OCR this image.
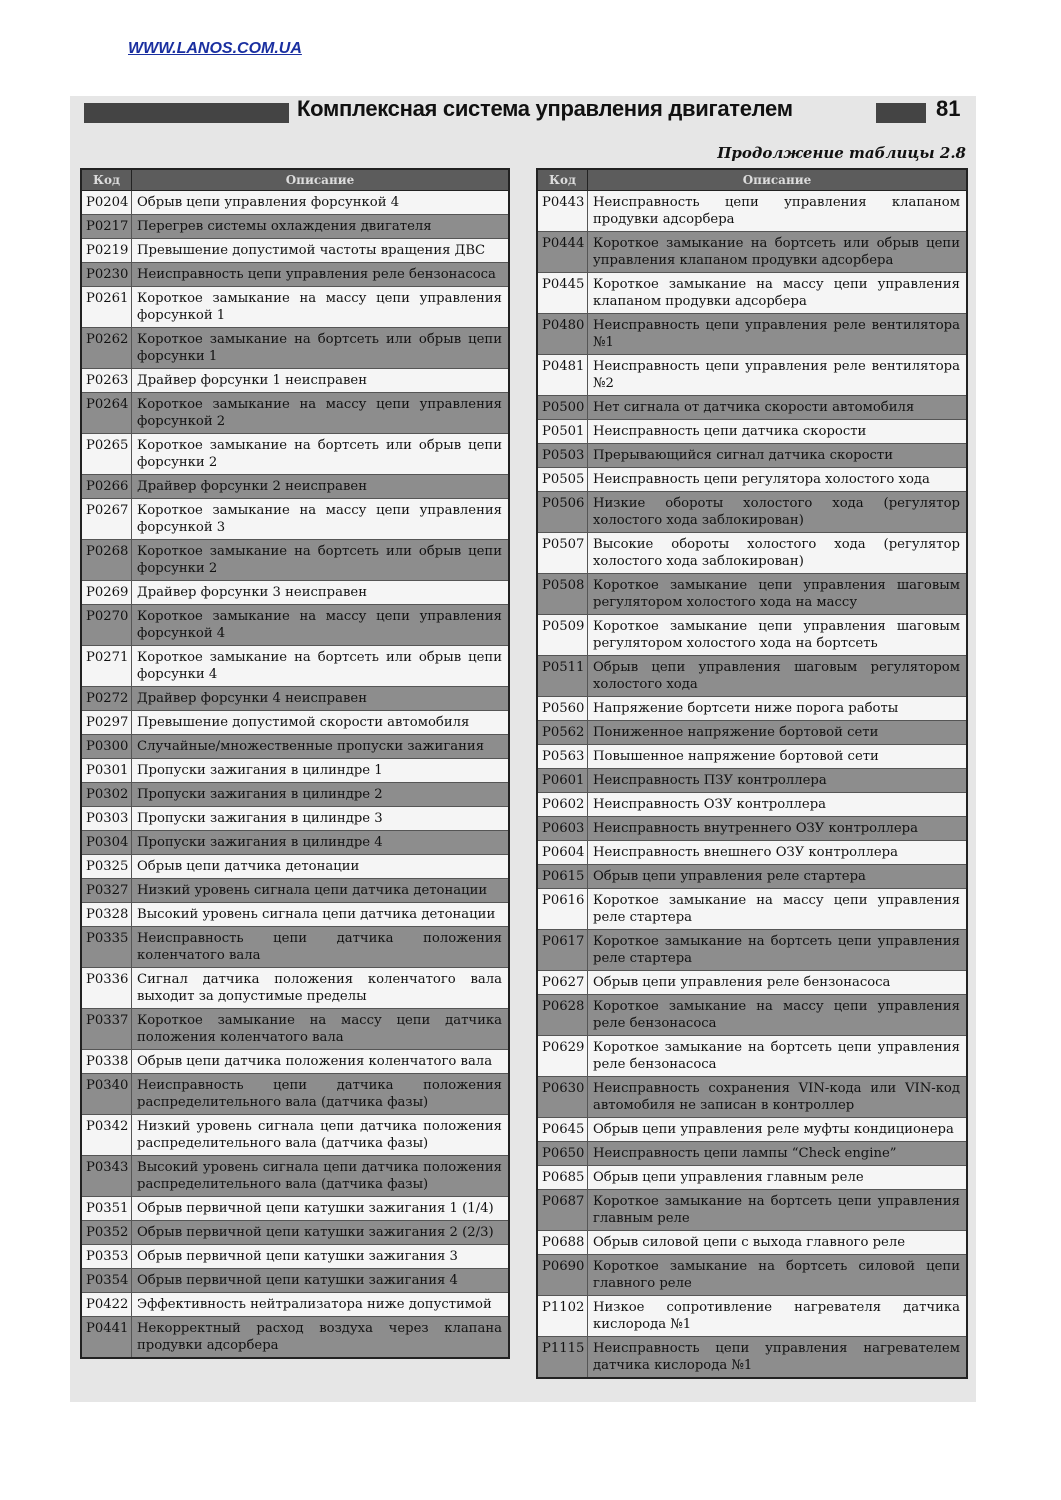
WWW.LANOS.COM.UA
Комплексная система управления двигателем	81
Продолжение таблицы 2.8
Код	Описание
P0204	Обрыв цепи управления форсункой 4
P0217	Перегрев системы охлаждения двигателя
P0219	Превышение допустимой частоты вращения ДВС
P0230	Неисправность цепи управления реле бензонасоса
P0261	Короткое замыкание на массу цепи управления форсункой 1
P0262	Короткое замыкание на бортсеть или обрыв цепи форсунки 1
P0263	Драйвер форсунки 1 неисправен
P0264	Короткое замыкание на массу цепи управления форсункой 2
P0265	Короткое замыкание на бортсеть или обрыв цепи форсунки 2
P0266	Драйвер форсунки 2 неисправен
P0267	Короткое замыкание на массу цепи управления форсункой 3
P0268	Короткое замыкание на бортсеть или обрыв цепи форсунки 2
P0269	Драйвер форсунки 3 неисправен
P0270	Короткое замыкание на массу цепи управления форсункой 4
P0271	Короткое замыкание на бортсеть или обрыв цепи форсунки 4
P0272	Драйвер форсунки 4 неисправен
P0297	Превышение допустимой скорости автомобиля
P0300	Случайные/множественные пропуски зажигания
P0301	Пропуски зажигания в цилиндре 1
P0302	Пропуски зажигания в цилиндре 2
P0303	Пропуски зажигания в цилиндре 3
P0304	Пропуски зажигания в цилиндре 4
P0325	Обрыв цепи датчика детонации
P0327	Низкий уровень сигнала цепи датчика детонации
P0328	Высокий уровень сигнала цепи датчика детонации
P0335	Неисправность цепи датчика положения коленчатого вала
P0336	Сигнал датчика положения коленчатого вала выходит за допустимые пределы
P0337	Короткое замыкание на массу цепи датчика положения коленчатого вала
P0338	Обрыв цепи датчика положения коленчатого вала
P0340	Неисправность цепи датчика положения распределительного вала (датчика фазы)
P0342	Низкий уровень сигнала цепи датчика положения распределительного вала (датчика фазы)
P0343	Высокий уровень сигнала цепи датчика положения распределительного вала (датчика фазы)
P0351	Обрыв первичной цепи катушки зажигания 1 (1/4)
P0352	Обрыв первичной цепи катушки зажигания 2 (2/3)
P0353	Обрыв первичной цепи катушки зажигания 3
P0354	Обрыв первичной цепи катушки зажигания 4
P0422	Эффективность нейтрализатора ниже допустимой
P0441	Некорректный расход воздуха через клапана продувки адсорбера
Код	Описание
P0443	Неисправность цепи управления клапаном продувки адсорбера
P0444	Короткое замыкание на бортсеть или обрыв цепи управления клапаном продувки адсорбера
P0445	Короткое замыкание на массу цепи управления клапаном продувки адсорбера
P0480	Неисправность цепи управления реле вентилятора №1
P0481	Неисправность цепи управления реле вентилятора №2
P0500	Нет сигнала от датчика скорости автомобиля
P0501	Неисправность цепи датчика скорости
P0503	Прерывающийся сигнал датчика скорости
P0505	Неисправность цепи регулятора холостого хода
P0506	Низкие обороты холостого хода (регулятор холостого хода заблокирован)
P0507	Высокие обороты холостого хода (регулятор холостого хода заблокирован)
P0508	Короткое замыкание цепи управления шаговым регулятором холостого хода на массу
P0509	Короткое замыкание цепи управления шаговым регулятором холостого хода на бортсеть
P0511	Обрыв цепи управления шаговым регулятором холостого хода
P0560	Напряжение бортсети ниже порога работы
P0562	Пониженное напряжение бортовой сети
P0563	Повышенное напряжение бортовой сети
P0601	Неисправность ПЗУ контроллера
P0602	Неисправность ОЗУ контроллера
P0603	Неисправность внутреннего ОЗУ контроллера
P0604	Неисправность внешнего ОЗУ контроллера
P0615	Обрыв цепи управления реле стартера
P0616	Короткое замыкание на массу цепи управления реле стартера
P0617	Короткое замыкание на бортсеть цепи управления реле стартера
P0627	Обрыв цепи управления реле бензонасоса
P0628	Короткое замыкание на массу цепи управления реле бензонасоса
P0629	Короткое замыкание на бортсеть цепи управления реле бензонасоса
P0630	Неисправность сохранения VIN-кода или VIN-код автомобиля не записан в контроллер
P0645	Обрыв цепи управления реле муфты кондиционера
P0650	Неисправность цепи лампы “Check engine”
P0685	Обрыв цепи управления главным реле
P0687	Короткое замыкание на бортсеть цепи управления главным реле
P0688	Обрыв силовой цепи с выхода главного реле
P0690	Короткое замыкание на бортсеть силовой цепи главного реле
P1102	Низкое сопротивление нагревателя датчика кислорода №1
P1115	Неисправность цепи управления нагревателем датчика кислорода №1
